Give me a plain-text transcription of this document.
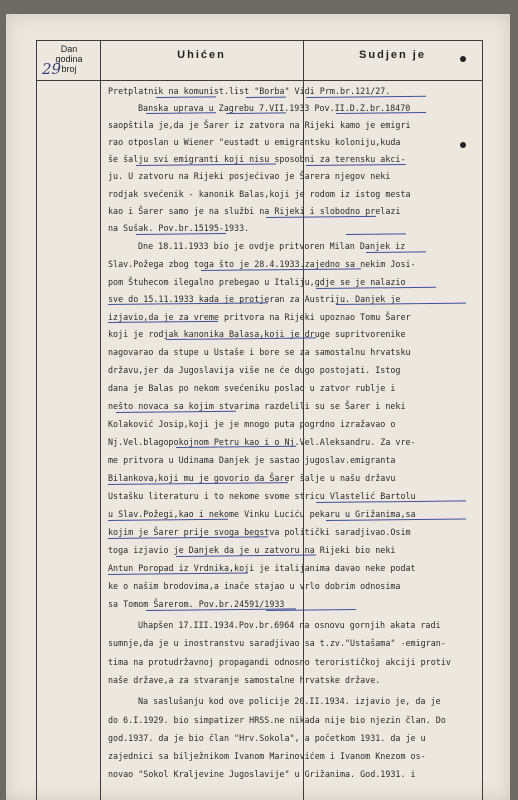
Dan
godina
broj
Uhićen	Sudjen je
Pretplatnik na komunist.list "Borba" Vidi Prm.br.121/27.
Banska uprava u Zagrebu 7.VII.1933 Pov.II.D.Z.br.18470
saopštila je,da je Šarer iz zatvora na Rijeki kamo je emigri
rao otposlan u Wiener "eustadt u emigrantsku koloniju,kuda
še šalju svi emigranti koji nisu sposobni za terensku akci-
ju. U zatvoru na Rijeki posjećivao je Šarera njegov neki
rodjak svećenik - kanonik Balas,koji je rodom iz istog mesta
kao i Šarer samo je na službi na Rijeki i slobodno prelazi
na Sušak. Pov.br.15195-1933.
Dne 18.11.1933 bio je ovdje pritvoren Milan Danjek iz
Slav.Požega zbog toga što je 28.4.1933.zajedno sa nekim Josi-
pom Štuhecom ilegalno prebegao u Italiju,gdje se je nalazio
sve do 15.11.1933 kada je protjeran za Austriju. Danjek je
izjavio,da je za vreme pritvora na Rijeki upoznao Tomu Šarer
koji je rodjak kanonika Balasa,koji je druge supritvorenike
nagovarao da stupe u Ustaše i bore se za samostalnu hrvatsku
državu,jer da Jugoslavija više ne će dugo postojati. Istog
dana je Balas po nekom svećeniku poslao u zatvor rublje i
nešto novaca sa kojim stvarima razdelili su se Šarer i neki
Kolaković Josip,koji je je mnogo puta pogrdno izražavao o
Nj.Vel.blagopokojnom Petru kao i o Nj.Vel.Aleksandru. Za vre-
me pritvora u Udinama Danjek je sastao jugoslav.emigranta
Bilankova,koji mu je govorio da Šarer šalje u našu državu
Ustašku literaturu i to nekome svome stricu Vlastelić Bartolu
u Slav.Požegi,kao i nekome Vinku Luciću pekaru u Grižanima,sa
kojim je Šarer prije svoga begstva politički saradjivao.Osim
toga izjavio je Danjek da je u zatvoru na Rijeki bio neki
Antun Poropad iz Vrdnika,koji je italijanima davao neke podat
ke o našim brodovima,a inače stajao u vrlo dobrim odnosima
sa Tomom Šarerom. Pov.br.24591/1933
Uhapšen 17.III.1934.Pov.br.6964 na osnovu gornjih akata radi
sumnje,da je u inostranstvu saradjivao sa t.zv."Ustašama" -emigran-
tima na protudržavnoj propagandi odnosno terorističkoj akciji protiv
naše države,a za stvaranje samostalne hrvatske države.
Na saslušanju kod ove policije 20.II.1934. izjavio je, da je
do 6.I.1929. bio simpatizer HRSS.ne nikada nije bio njezin član. Do
god.1937. da je bio član "Hrv.Sokola", a početkom 1931. da je u
zajednici sa bilježnikom Ivanom Marinovićem i Ivanom Knezom os-
novao "Sokol Kraljevine Jugoslavije" u Grižanima. God.1931. i
29
